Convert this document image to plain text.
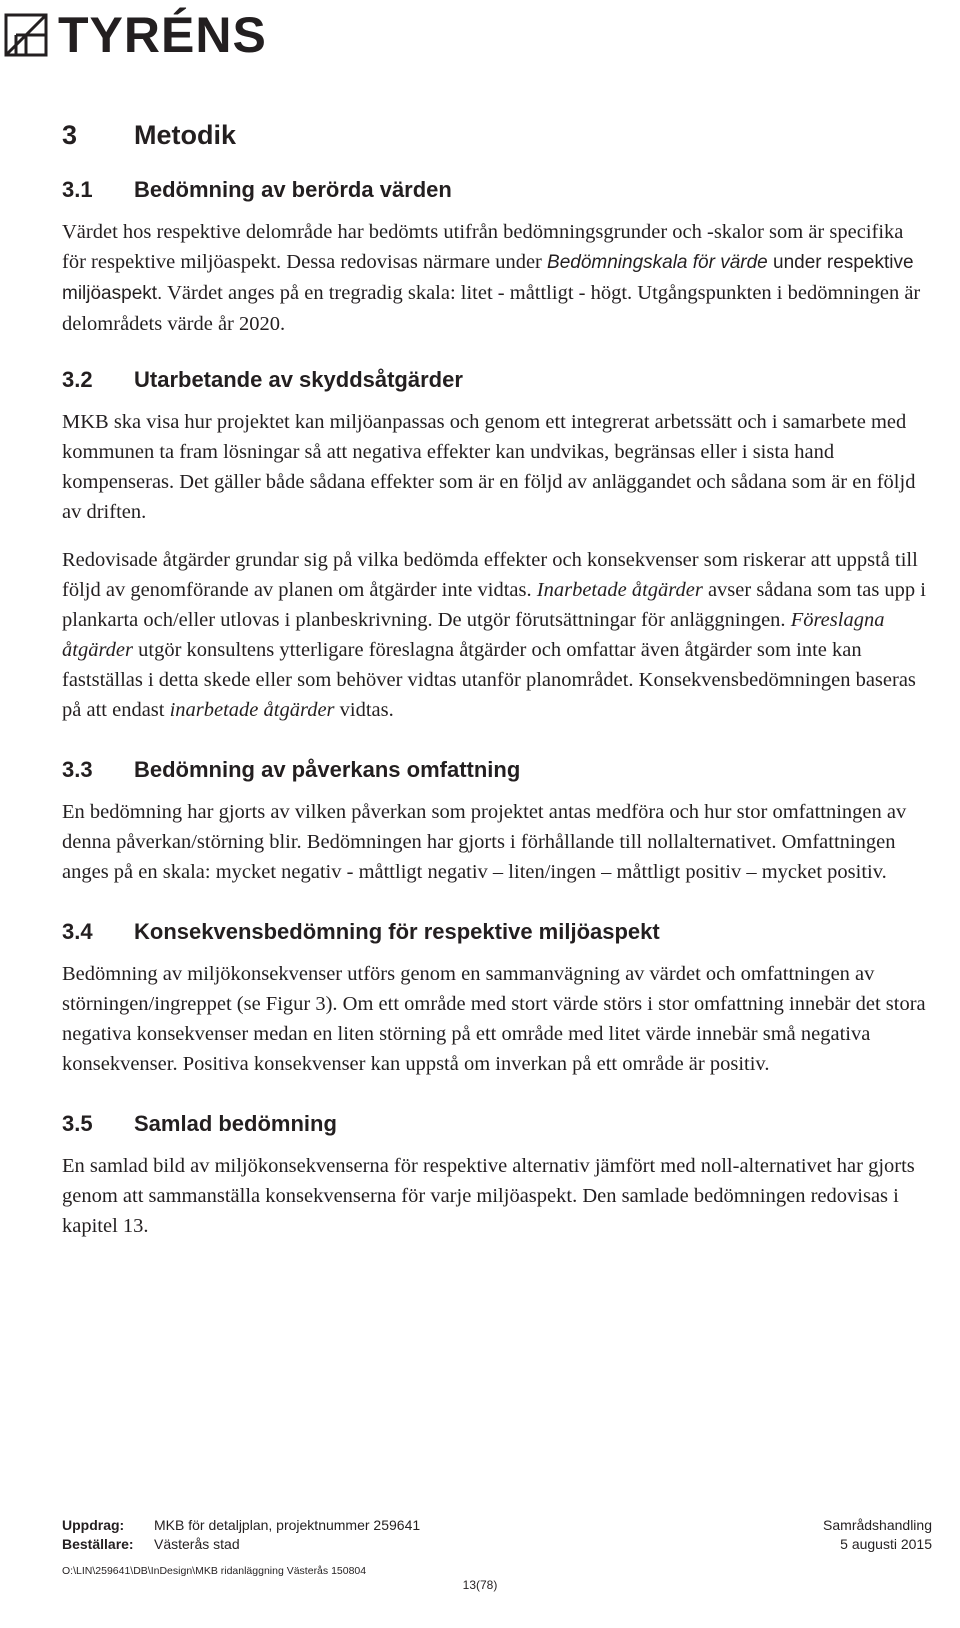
TYRÉNS
3	Metodik
3.1	Bedömning av berörda värden

Värdet hos respektive delområde har bedömts utifrån bedömningsgrunder och -skalor som är specifika för respektive miljöaspekt. Dessa redovisas närmare under Bedömningskala för värde under respektive miljöaspekt. Värdet anges på en tregradig skala: litet - måttligt - högt. Utgångspunkten i bedömningen är delområdets värde år 2020.

3.2	Utarbetande av skyddsåtgärder

MKB ska visa hur projektet kan miljöanpassas och genom ett integrerat arbetssätt och i samarbete med kommunen ta fram lösningar så att negativa effekter kan undvikas, begränsas eller i sista hand kompenseras. Det gäller både sådana effekter som är en följd av anläggandet och sådana som är en följd av driften.

Redovisade åtgärder grundar sig på vilka bedömda effekter och konsekvenser som riskerar att uppstå till följd av genomförande av planen om åtgärder inte vidtas. Inarbetade åtgärder avser sådana som tas upp i plankarta och/eller utlovas i planbeskrivning. De utgör förutsättningar för anläggningen. Föreslagna åtgärder utgör konsultens ytterligare föreslagna åtgärder och omfattar även åtgärder som inte kan fastställas i detta skede eller som behöver vidtas utanför planområdet. Konsekvensbedömningen baseras på att endast inarbetade åtgärder vidtas.

3.3	Bedömning av påverkans omfattning

En bedömning har gjorts av vilken påverkan som projektet antas medföra och hur stor omfattningen av denna påverkan/störning blir. Bedömningen har gjorts i förhållande till nollalternativet. Omfattningen anges på en skala: mycket negativ - måttligt negativ – liten/ingen – måttligt positiv – mycket positiv.

3.4	Konsekvensbedömning för respektive miljöaspekt

Bedömning av miljökonsekvenser utförs genom en sammanvägning av värdet och omfattningen av störningen/ingreppet (se Figur 3). Om ett område med stort värde störs i stor omfattning innebär det stora negativa konsekvenser medan en liten störning på ett område med litet värde innebär små negativa konsekvenser. Positiva konsekvenser kan uppstå om inverkan på ett område är positiv.

3.5	Samlad bedömning

En samlad bild av miljökonsekvenserna för respektive alternativ jämfört med noll-alternativet har gjorts genom att sammanställa konsekvenserna för varje miljöaspekt. Den samlade bedömningen redovisas i kapitel 13.

Uppdrag:	MKB för detaljplan, projektnummer 259641	Samrådshandling
Beställare:	Västerås stad	5 augusti 2015
O:\LIN\259641\DB\InDesign\MKB ridanläggning Västerås 150804
13(78)
